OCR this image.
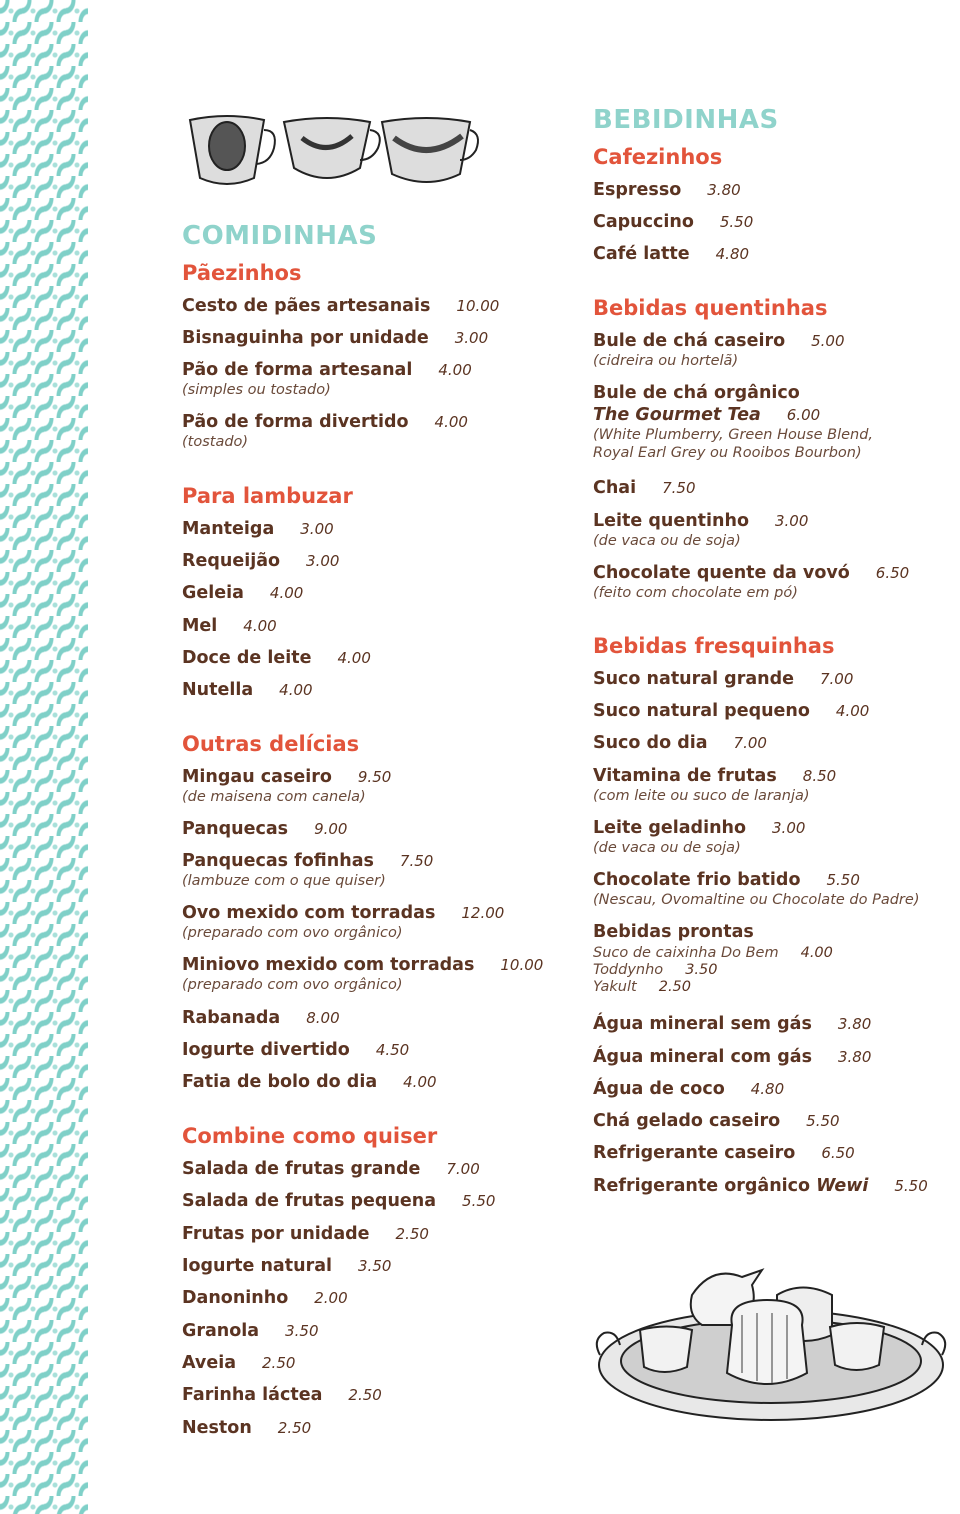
COMIDINHAS
Pãezinhos
Cesto de pães artesanais 10.00
Bisnaguinha por unidade 3.00
Pão de forma artesanal 4.00
(simples ou tostado)
Pão de forma divertido 4.00
(tostado)
Para lambuzar
Manteiga 3.00
Requeijão 3.00
Geleia 4.00
Mel 4.00
Doce de leite 4.00
Nutella 4.00
Outras delícias
Mingau caseiro 9.50
(de maisena com canela)
Panquecas 9.00
Panquecas fofinhas 7.50
(lambuze com o que quiser)
Ovo mexido com torradas 12.00
(preparado com ovo orgânico)
Miniovo mexido com torradas 10.00
(preparado com ovo orgânico)
Rabanada 8.00
Iogurte divertido 4.50
Fatia de bolo do dia 4.00
Combine como quiser
Salada de frutas grande 7.00
Salada de frutas pequena 5.50
Frutas por unidade 2.50
Iogurte natural 3.50
Danoninho 2.00
Granola 3.50
Aveia 2.50
Farinha láctea 2.50
Neston 2.50
BEBIDINHAS
Cafezinhos
Espresso 3.80
Capuccino 5.50
Café latte 4.80
Bebidas quentinhas
Bule de chá caseiro 5.00
(cidreira ou hortelã)
Bule de chá orgânico
The Gourmet Tea 6.00
(White Plumberry, Green House Blend,
Royal Earl Grey ou Rooibos Bourbon)
Chai 7.50
Leite quentinho 3.00
(de vaca ou de soja)
Chocolate quente da vovó 6.50
(feito com chocolate em pó)
Bebidas fresquinhas
Suco natural grande 7.00
Suco natural pequeno 4.00
Suco do dia 7.00
Vitamina de frutas 8.50
(com leite ou suco de laranja)
Leite geladinho 3.00
(de vaca ou de soja)
Chocolate frio batido 5.50
(Nescau, Ovomaltine ou Chocolate do Padre)
Bebidas prontas
Suco de caixinha Do Bem 4.00
Toddynho 3.50
Yakult 2.50
Água mineral sem gás 3.80
Água mineral com gás 3.80
Água de coco 4.80
Chá gelado caseiro 5.50
Refrigerante caseiro 6.50
Refrigerante orgânico Wewi 5.50
